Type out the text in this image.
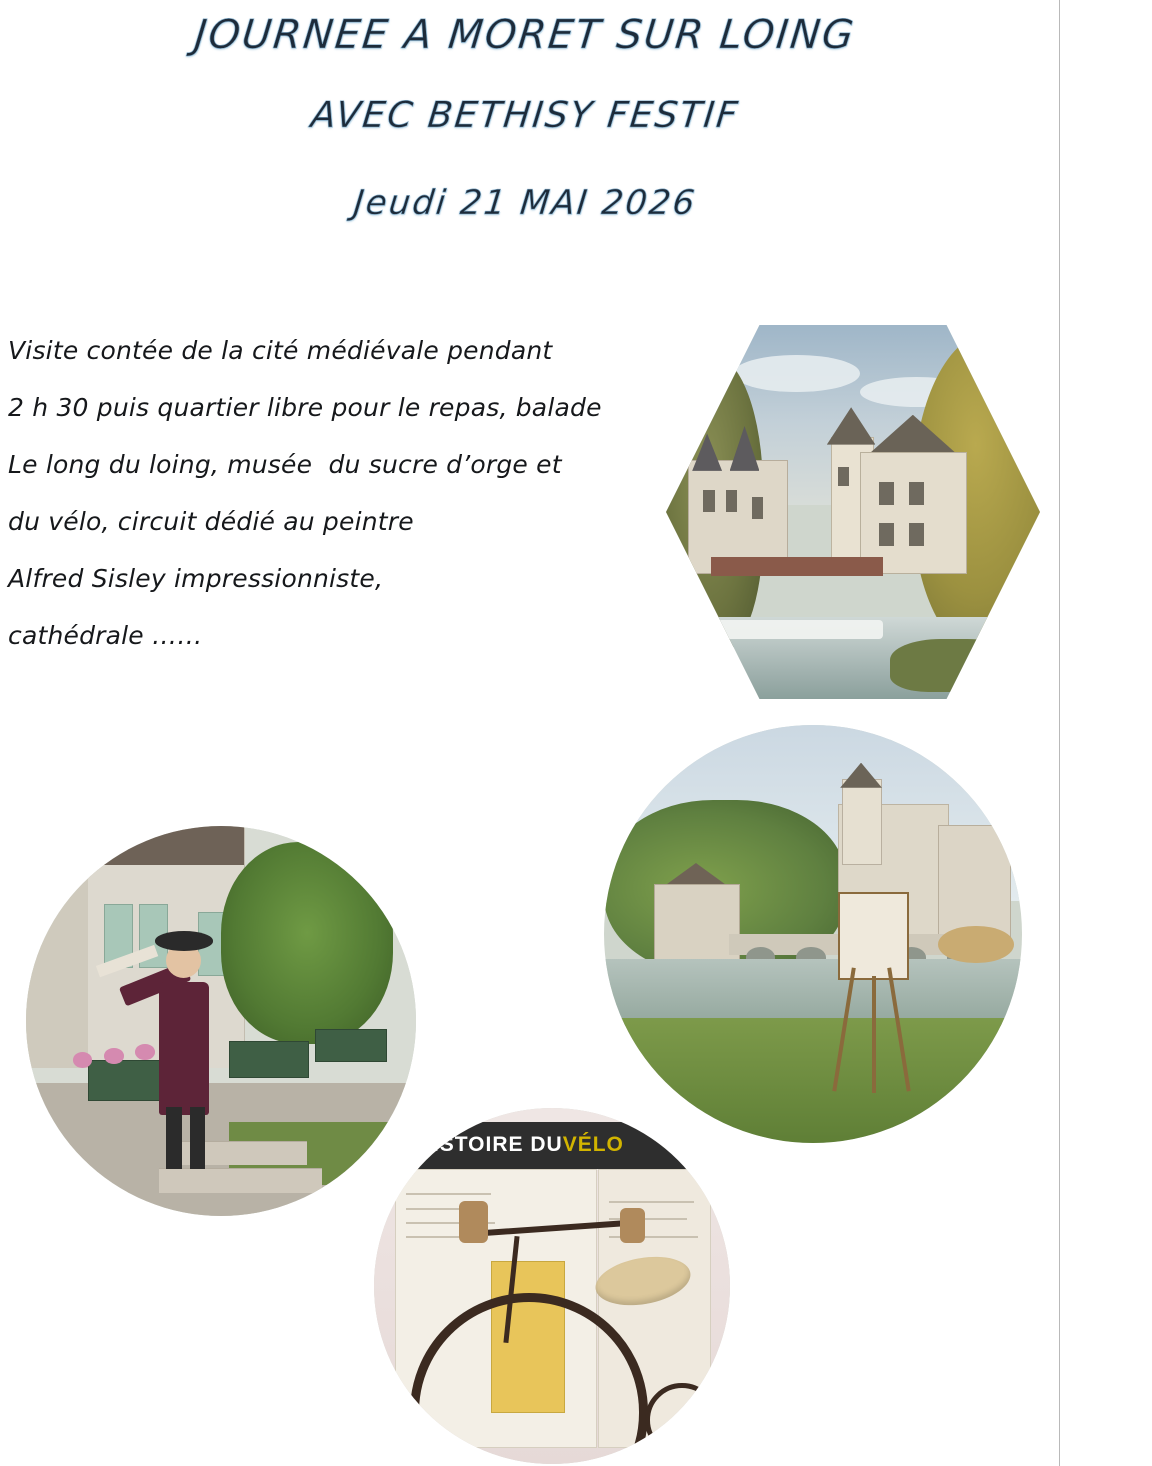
JOURNEE A MORET SUR LOING
AVEC BETHISY FESTIF
Jeudi 21 MAI 2026
Visite contée de la cité médiévale pendant
2 h 30 puis quartier libre pour le repas, balade
Le long du loing, musée  du sucre d’orge et
du vélo, circuit dédié au peintre
Alfred Sisley impressionniste,
cathédrale ……
HISTOIRE DU VÉLO
